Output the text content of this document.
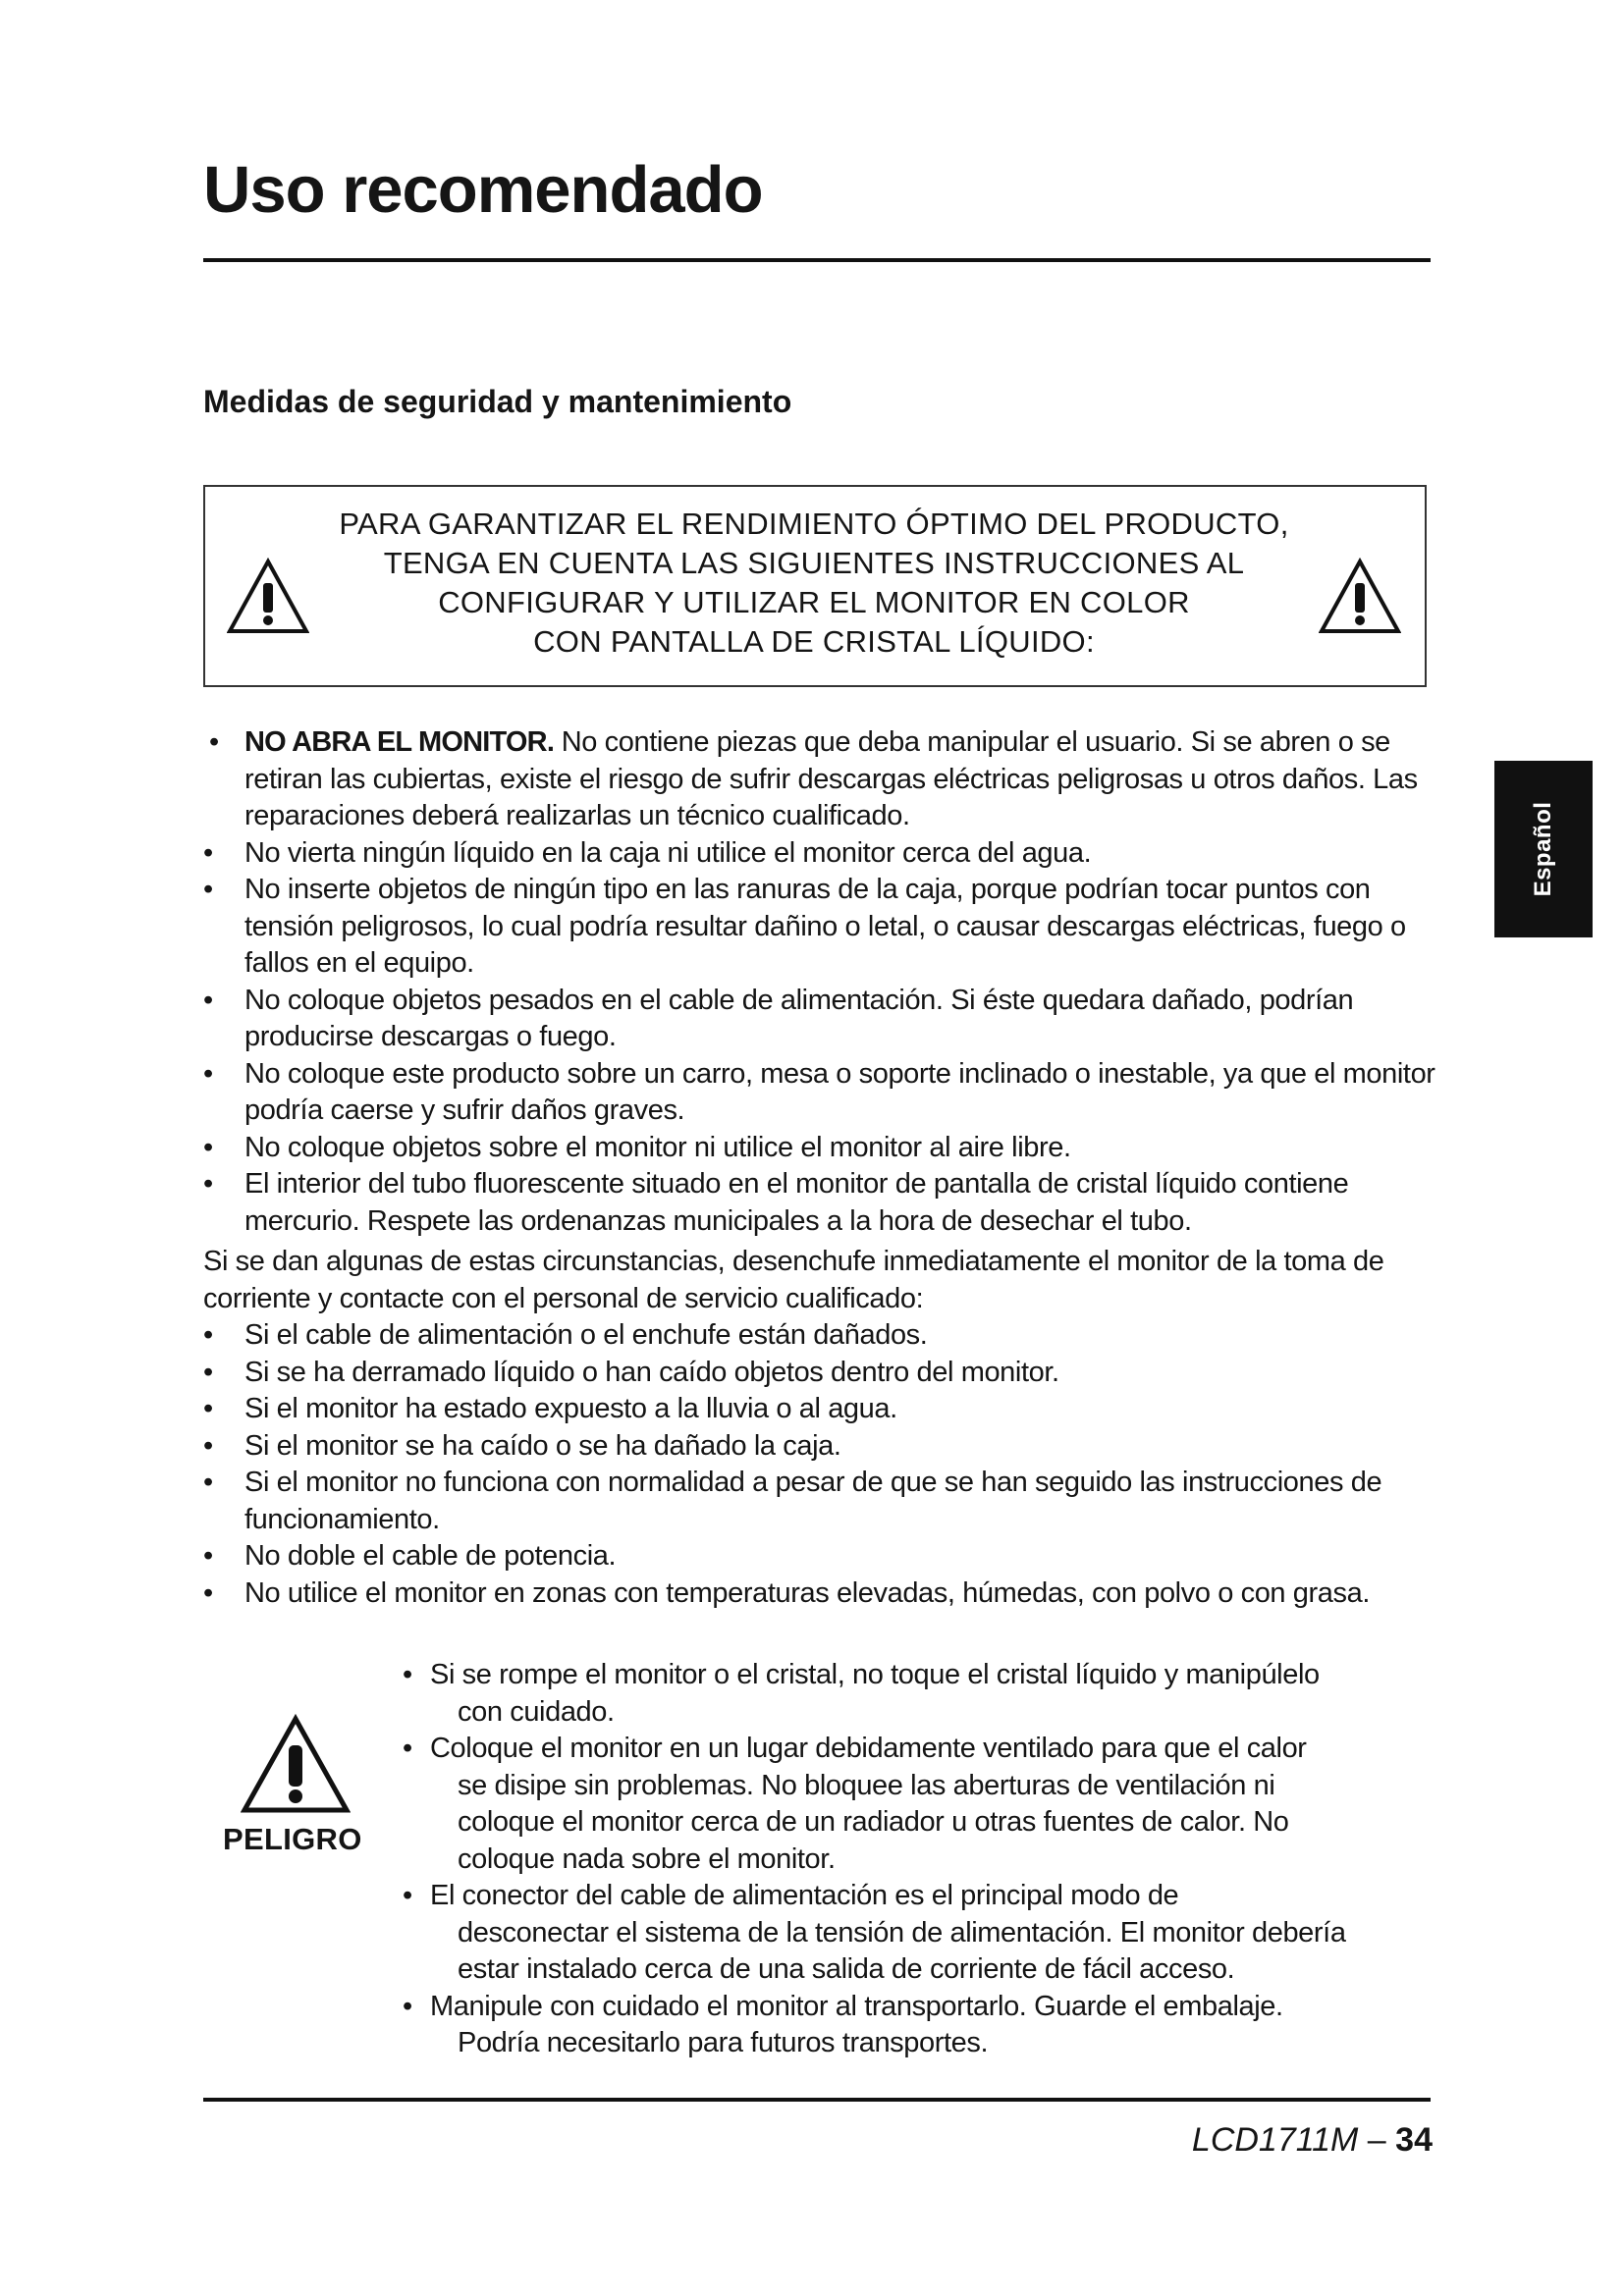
Uso recomendado
Medidas de seguridad y mantenimiento
PARA GARANTIZAR EL RENDIMIENTO ÓPTIMO DEL PRODUCTO,
TENGA EN CUENTA LAS SIGUIENTES INSTRUCCIONES AL
CONFIGURAR Y UTILIZAR EL MONITOR EN COLOR
CON PANTALLA DE CRISTAL LÍQUIDO:
Español
• NO ABRA EL MONITOR. No contiene piezas que deba manipular el usuario. Si se abren o se retiran las cubiertas, existe el riesgo de sufrir descargas eléctricas peligrosas u otros daños. Las reparaciones deberá realizarlas un técnico cualificado.
• No vierta ningún líquido en la caja ni utilice el monitor cerca del agua.
• No inserte objetos de ningún tipo en las ranuras de la caja, porque podrían tocar puntos con tensión peligrosos, lo cual podría resultar dañino o letal, o causar descargas eléctricas, fuego o fallos en el equipo.
• No coloque objetos pesados en el cable de alimentación. Si éste quedara dañado, podrían producirse descargas o fuego.
• No coloque este producto sobre un carro, mesa o soporte inclinado o inestable, ya que el monitor podría caerse y sufrir daños graves.
• No coloque objetos sobre el monitor ni utilice el monitor al aire libre.
• El interior del tubo fluorescente situado en el monitor de pantalla de cristal líquido contiene mercurio. Respete las ordenanzas municipales a la hora de desechar el tubo.
Si se dan algunas de estas circunstancias, desenchufe inmediatamente el monitor de la toma de corriente y contacte con el personal de servicio cualificado:
• Si el cable de alimentación o el enchufe están dañados.
• Si se ha derramado líquido o han caído objetos dentro del monitor.
• Si el monitor ha estado expuesto a la lluvia o al agua.
• Si el monitor se ha caído o se ha dañado la caja.
• Si el monitor no funciona con normalidad a pesar de que se han seguido las instrucciones de funcionamiento.
• No doble el cable de potencia.
• No utilice el monitor en zonas con temperaturas elevadas, húmedas, con polvo o con grasa.
PELIGRO
• Si se rompe el monitor o el cristal, no toque el cristal líquido y manipúlelo
con cuidado.
• Coloque el monitor en un lugar debidamente ventilado para que el calor
se disipe sin problemas. No bloquee las aberturas de ventilación ni
coloque el monitor cerca de un radiador u otras fuentes de calor. No
coloque nada sobre el monitor.
• El conector del cable de alimentación es el principal modo de
desconectar el sistema de la tensión de alimentación. El monitor debería
estar instalado cerca de una salida de corriente de fácil acceso.
• Manipule con cuidado el monitor al transportarlo. Guarde el embalaje.
Podría necesitarlo para futuros transportes.
LCD1711M – 34
